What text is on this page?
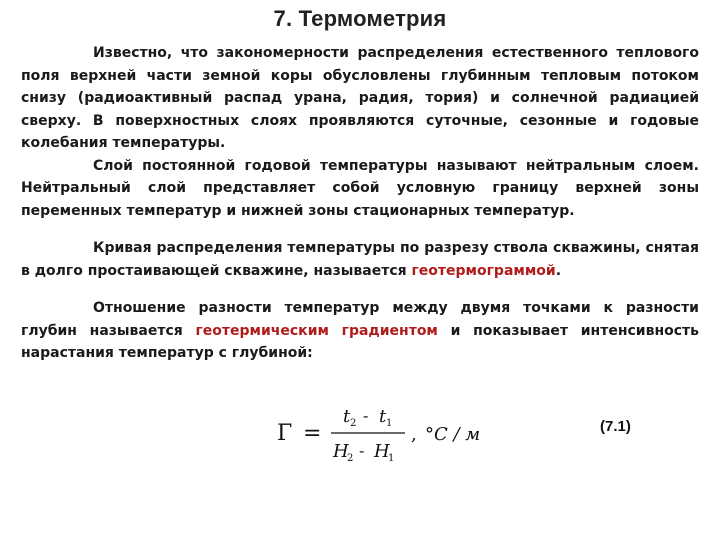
7. Термометрия

Известно, что закономерности распределения естественного теплового поля верхней части земной коры обусловлены глубинным тепловым потоком снизу (радиоактивный распад урана, радия, тория) и солнечной радиацией сверху. В поверхностных слоях проявляются суточные, сезонные и годовые колебания температуры.

Слой постоянной годовой температуры называют нейтральным слоем. Нейтральный слой представляет собой условную границу верхней зоны переменных температур и нижней зоны стационарных температур.

Кривая распределения температуры по разрезу ствола скважины, снятая в долго простаивающей скважине, называется геотермограммой.

Отношение разности температур между двумя точками к разности глубин называется геотермическим градиентом и показывает интенсивность нарастания температур с глубиной:

Γ =
t 2 - t 1
H
2 - H
1
, °C / м	(7.1)
